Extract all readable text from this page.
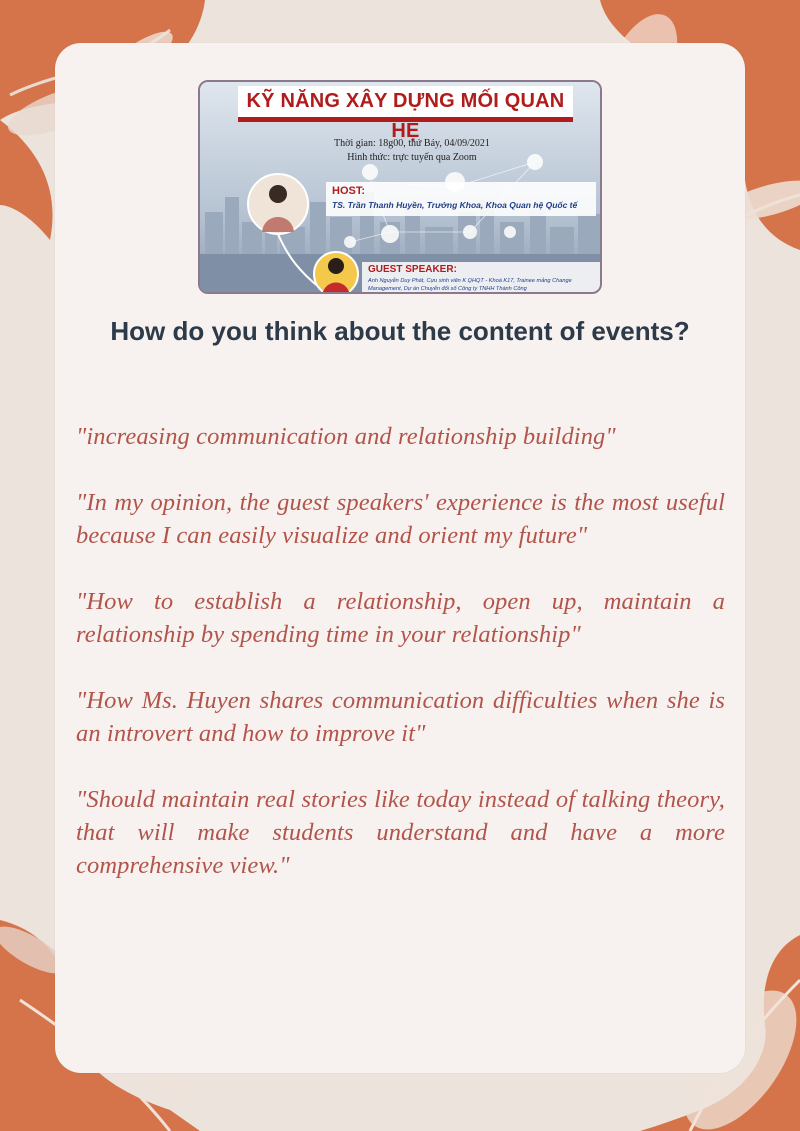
KỸ NĂNG XÂY DỰNG MỐI QUAN HỆ
Thời gian: 18g00, thứ Bảy, 04/09/2021
Hình thức: trực tuyến qua Zoom
HOST:
TS. Trần Thanh Huyền, Trưởng Khoa, Khoa Quan hệ Quốc tế
GUEST SPEAKER:
Anh Nguyễn Duy Phát, Cựu sinh viên K QHQT - Khoá K17, Trainee mảng Change Management, Dự án Chuyển đổi số Công ty TNHH Thành Công
How do you think about the content of events?

"increasing communication and relationship building"

"In my opinion, the guest speakers' experience is the most useful because I can easily visualize and orient my future"

"How to establish a relationship, open up, maintain a relationship by spending time in your relationship"

"How Ms. Huyen shares communication difficulties when she is an introvert and how to improve it"

"Should maintain real stories like today instead of talking theory, that will make students understand and have a more comprehensive view."
